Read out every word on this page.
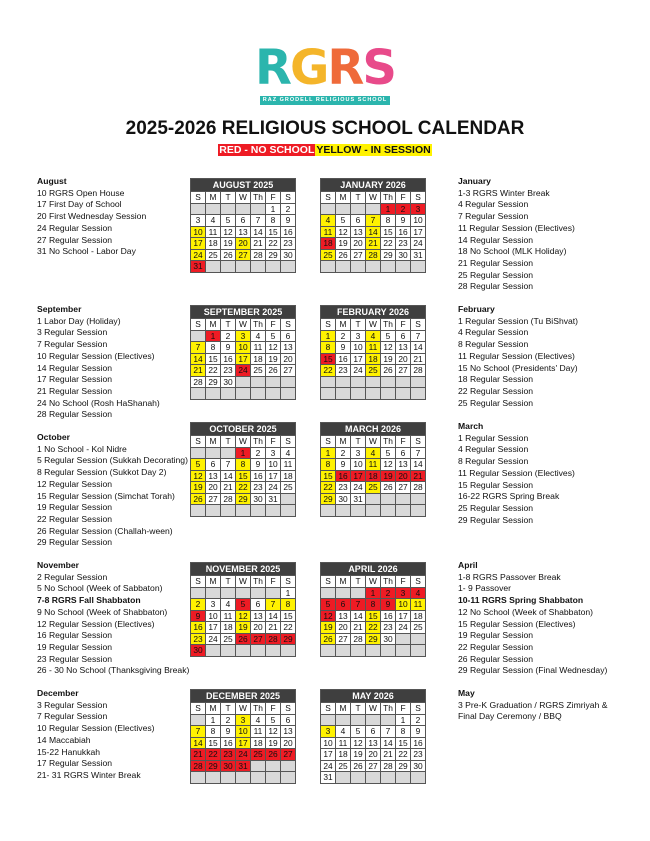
RGRS
RAZ GRODELL RELIGIOUS SCHOOL
2025-2026 RELIGIOUS SCHOOL CALENDAR
RED - NO SCHOOL YELLOW - IN SESSION
August
10 RGRS Open House
17 First Day of School
20 First Wednesday Session
24 Regular Session
27 Regular Session
31 No School - Labor Day
September
1 Labor Day (Holiday)
3 Regular Session
7 Regular Session
10 Regular Session (Electives)
14 Regular Session
17 Regular Session
21 Regular Session
24 No School (Rosh HaShanah)
28 Regular Session
October
1 No School - Kol Nidre
5 Regular Session (Sukkah Decorating)
8 Regular Session (Sukkot Day 2)
12 Regular Session
15 Regular Session (Simchat Torah)
19 Regular Session
22 Regular Session
26 Regular Session (Challah-ween)
29 Regular Session
November
2 Regular Session
5 No School (Week of Sabbaton)
7-8 RGRS Fall Shabbaton
9 No School (Week of Shabbaton)
12 Regular Session (Electives)
16 Regular Session
19 Regular Session
23 Regular Session
26 - 30 No School (Thanksgiving Break)
December
3 Regular Session
7 Regular Session
10 Regular Session (Electives)
14 Maccabiah
15-22 Hanukkah
17 Regular Session
21- 31 RGRS Winter Break
January
1-3 RGRS Winter Break
4 Regular Session
7 Regular Session
11 Regular Session (Electives)
14 Regular Session
18 No School (MLK Holiday)
21 Regular Session
25 Regular Session
28 Regular Session
February
1 Regular Session (Tu BiShvat)
4 Regular Session
8 Regular Session
11 Regular Session (Electives)
15 No School (Presidents' Day)
18 Regular Session
22 Regular Session
25 Regular Session
March
1 Regular Session
4 Regular Session
8 Regular Session
11 Regular Session (Electives)
15 Regular Session
16-22 RGRS Spring Break
25 Regular Session
29 Regular Session
April
1-8 RGRS Passover Break
1- 9 Passover
10-11 RGRS Spring Shabbaton
12 No School (Week of Shabbaton)
15 Regular Session (Electives)
19 Regular Session
22 Regular Session
26 Regular Session
29 Regular Session (Final Wednesday)
May
3 Pre-K Graduation / RGRS Zimriyah &
Final Day Ceremony / BBQ
AUGUST 2025						
S	M	T	W	Th	F	S
					1	2
3	4	5	6	7	8	9
10	11	12	13	14	15	16
17	18	19	20	21	22	23
24	25	26	27	28	29	30
31						
JANUARY 2026						
S	M	T	W	Th	F	S
				1	2	3
4	5	6	7	8	9	10
11	12	13	14	15	16	17
18	19	20	21	22	23	24
25	26	27	28	29	30	31

SEPTEMBER 2025						
S	M	T	W	Th	F	S
	1	2	3	4	5	6
7	8	9	10	11	12	13
14	15	16	17	18	19	20
21	22	23	24	25	26	27
28	29	30				

FEBRUARY 2026						
S	M	T	W	Th	F	S
1	2	3	4	5	6	7
8	9	10	11	12	13	14
15	16	17	18	19	20	21
22	23	24	25	26	27	28

OCTOBER 2025						
S	M	T	W	Th	F	S
			1	2	3	4
5	6	7	8	9	10	11
12	13	14	15	16	17	18
19	20	21	22	23	24	25
26	27	28	29	30	31	

MARCH 2026						
S	M	T	W	Th	F	S
1	2	3	4	5	6	7
8	9	10	11	12	13	14
15	16	17	18	19	20	21
22	23	24	25	26	27	28
29	30	31				

NOVEMBER 2025						
S	M	T	W	Th	F	S
						1
2	3	4	5	6	7	8
9	10	11	12	13	14	15
16	17	18	19	20	21	22
23	24	25	26	27	28	29
30						
APRIL 2026						
S	M	T	W	Th	F	S
			1	2	3	4
5	6	7	8	9	10	11
12	13	14	15	16	17	18
19	20	21	22	23	24	25
26	27	28	29	30		

DECEMBER 2025						
S	M	T	W	Th	F	S
	1	2	3	4	5	6
7	8	9	10	11	12	13
14	15	16	17	18	19	20
21	22	23	24	25	26	27
28	29	30	31			

MAY 2026						
S	M	T	W	Th	F	S
					1	2
3	4	5	6	7	8	9
10	11	12	13	14	15	16
17	18	19	20	21	22	23
24	25	26	27	28	29	30
31						
